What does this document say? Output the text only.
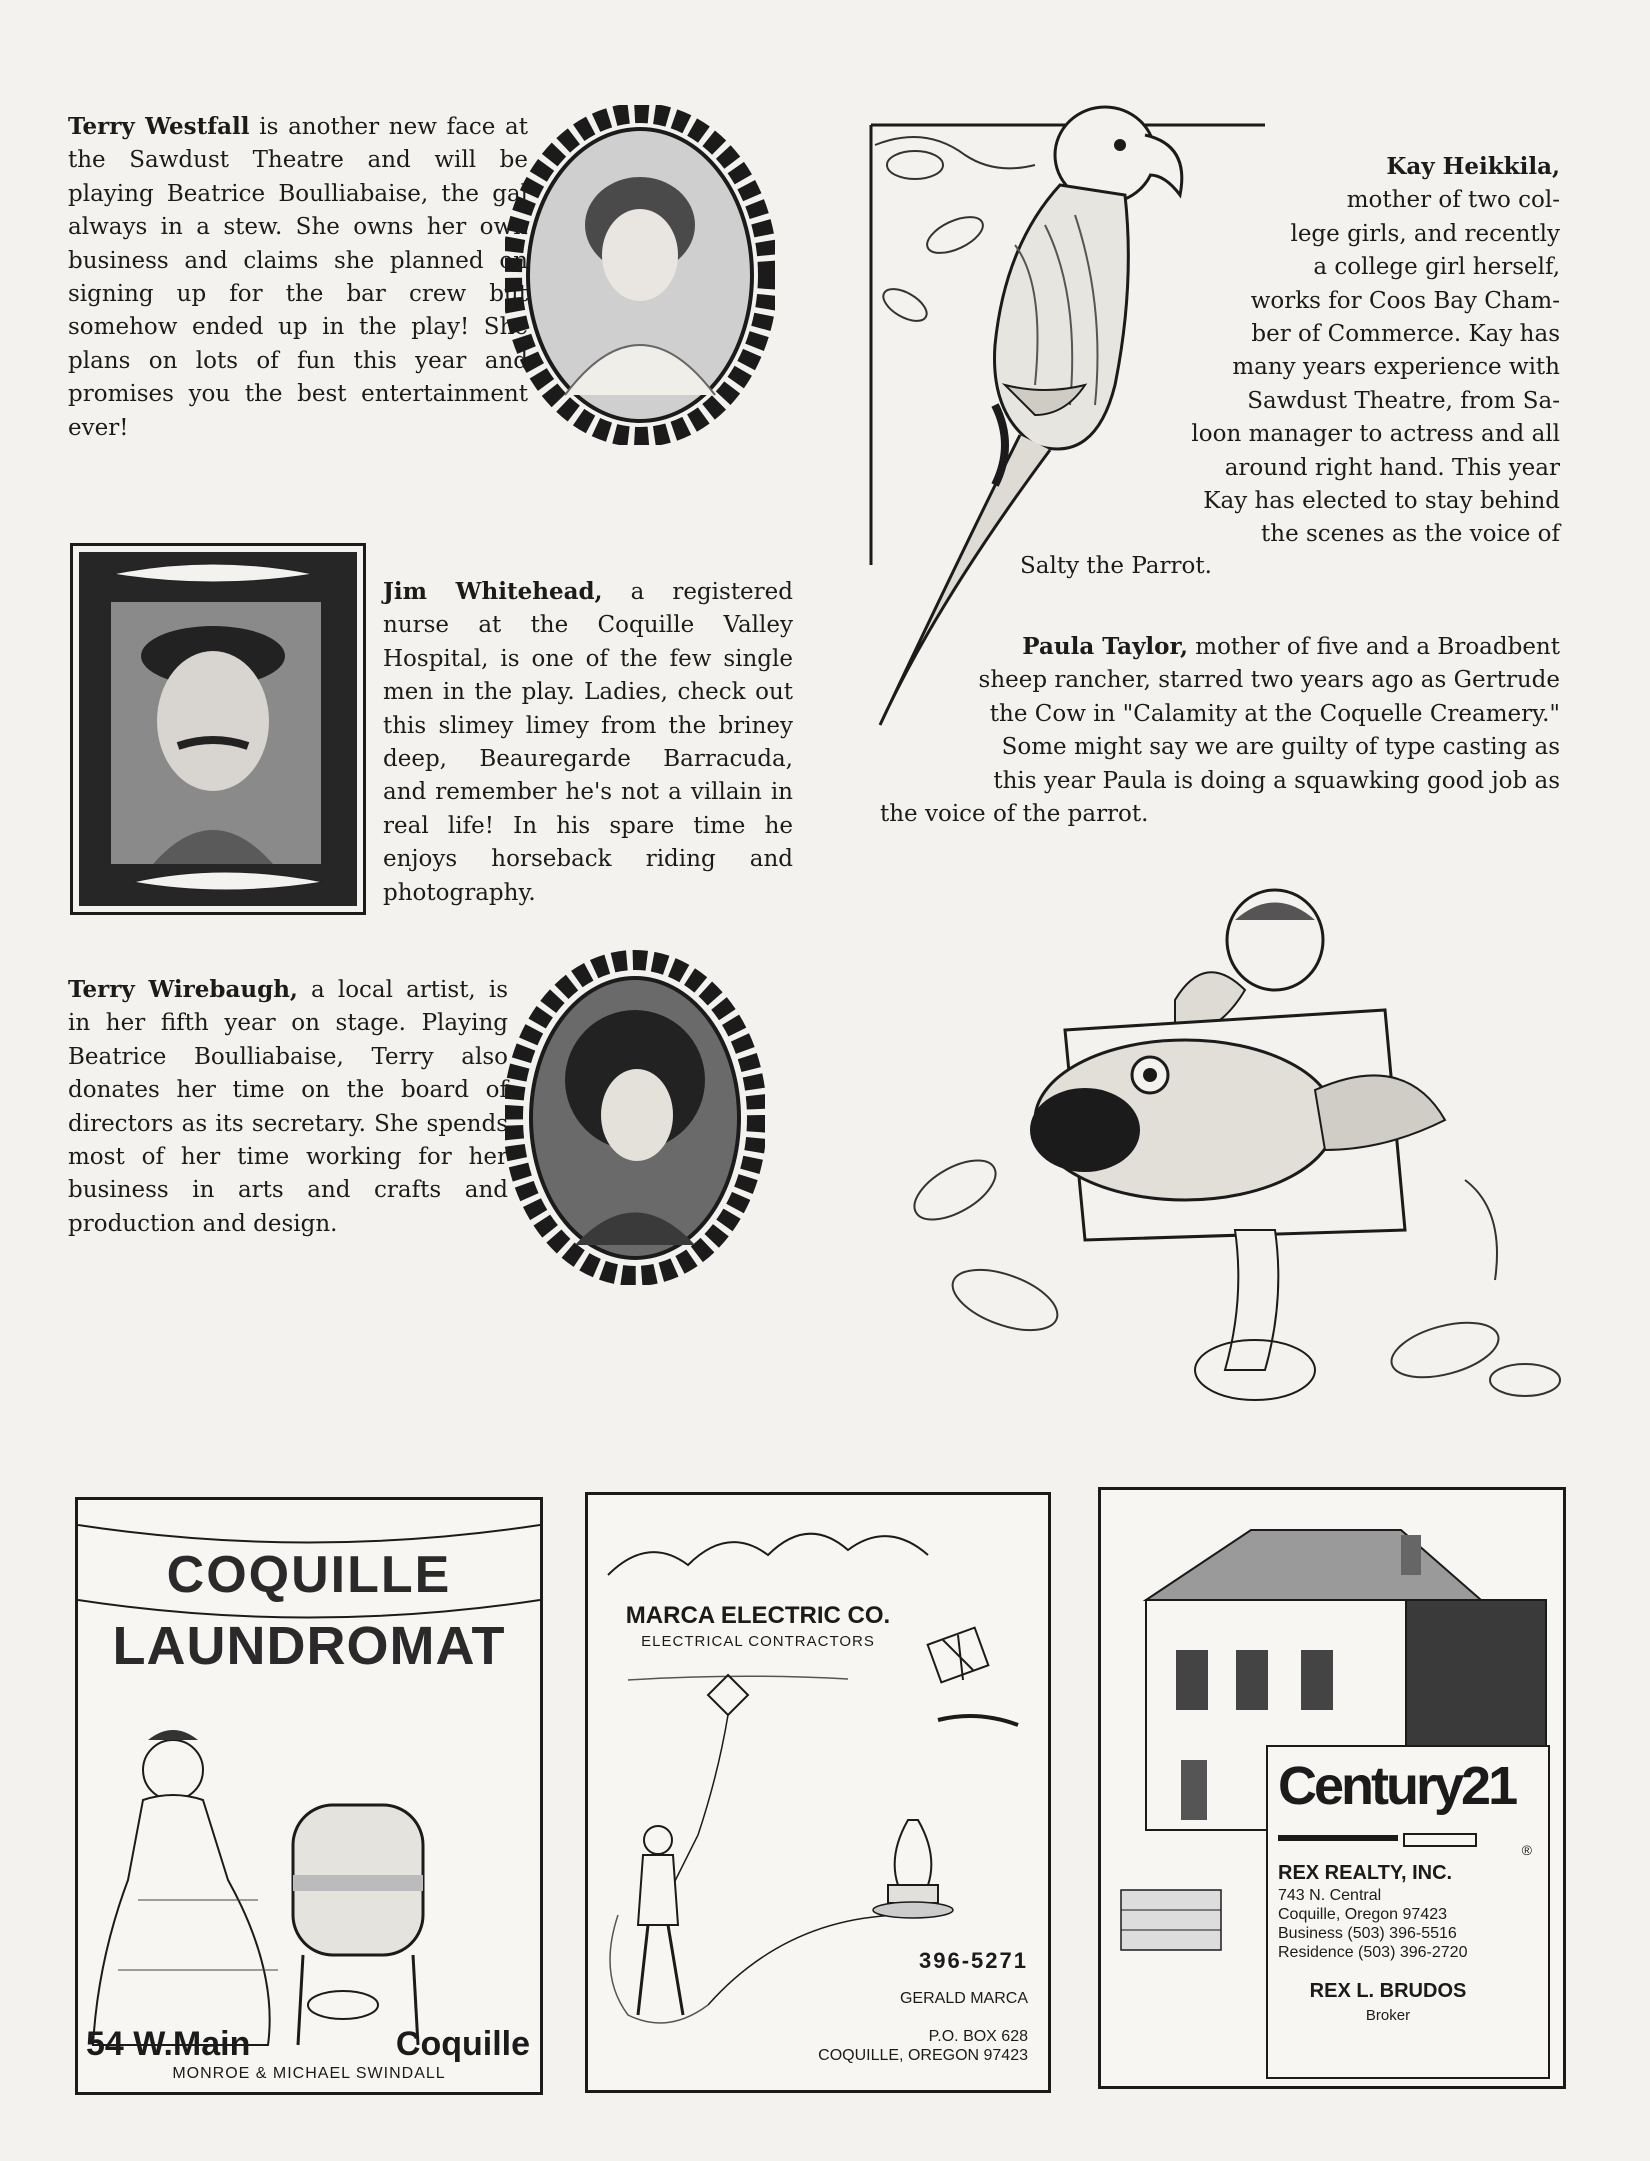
Terry Westfall is another new face at the Sawdust Theatre and will be playing Beatrice Boulliabaise, the gal always in a stew. She owns her own business and claims she planned on signing up for the bar crew but somehow ended up in the play! She plans on lots of fun this year and promises you the best entertainment ever!

Jim Whitehead, a registered nurse at the Coquille Valley Hospital, is one of the few single men in the play. Ladies, check out this slimey limey from the briney deep, Beauregarde Barracuda, and remember he's not a villain in real life! In his spare time he enjoys horseback riding and photography.

Terry Wirebaugh, a local artist, is in her fifth year on stage. Playing Beatrice Boulliabaise, Terry also donates her time on the board of directors as its secretary. She spends most of her time working for her business in arts and crafts and production and design.

Kay Heikkila,
mother of two col-
lege girls, and recently
a college girl herself,
works for Coos Bay Cham-
ber of Commerce. Kay has
many years experience with
Sawdust Theatre, from Sa-
loon manager to actress and all
around right hand. This year
Kay has elected to stay behind
the scenes as the voice of
Salty the Parrot.
Paula Taylor, mother of five and a Broadbent
sheep rancher, starred two years ago as Gertrude
the Cow in "Calamity at the Coquelle Creamery."
Some might say we are guilty of type casting as
this year Paula is doing a squawking good job as
the voice of the parrot.
COQUILLE
LAUNDROMAT
54 W.Main	Coquille
MONROE & MICHAEL SWINDALL
MARCA ELECTRIC CO.
ELECTRICAL CONTRACTORS
396-5271
GERALD MARCA
P.O. BOX 628
COQUILLE, OREGON 97423
Century21
®
REX REALTY, INC.
743 N. Central
Coquille, Oregon 97423
Business (503) 396-5516
Residence (503) 396-2720
REX L. BRUDOS
Broker
